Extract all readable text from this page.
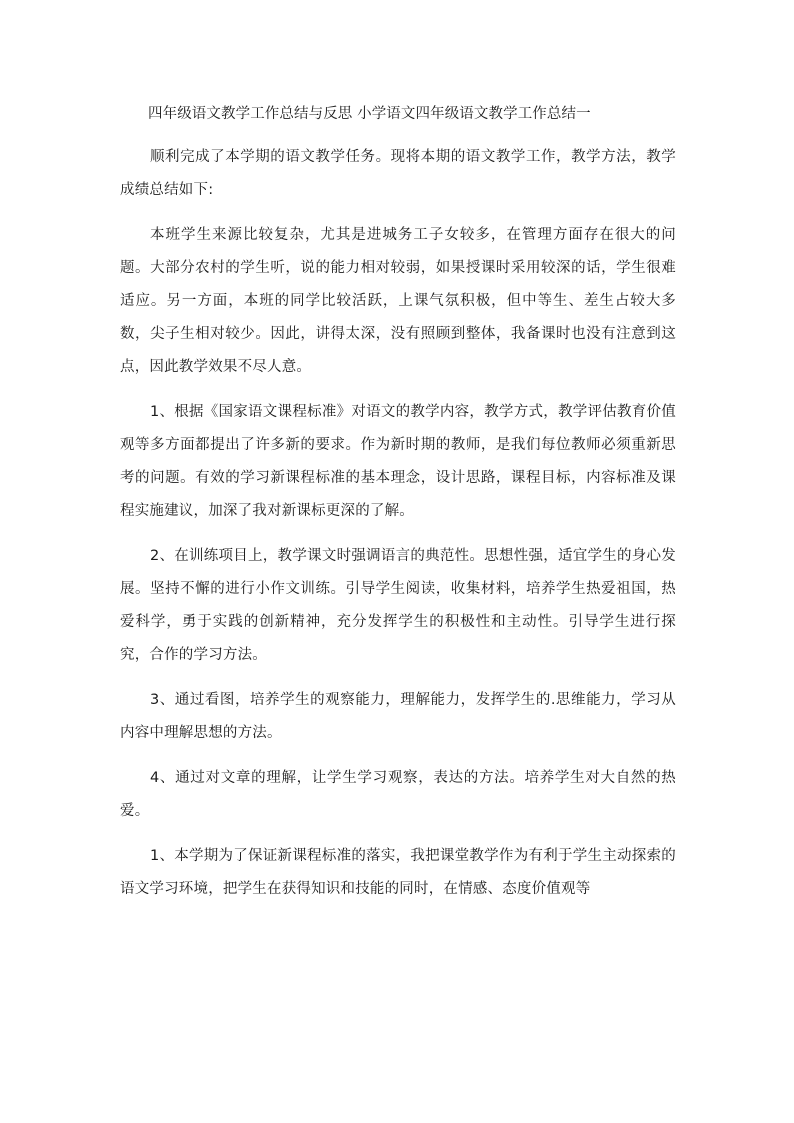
四年级语文教学工作总结与反思 小学语文四年级语文教学工作总结一

顺利完成了本学期的语文教学任务。现将本期的语文教学工作，教学方法，教学成绩总结如下:

本班学生来源比较复杂，尤其是进城务工子女较多，在管理方面存在很大的问题。大部分农村的学生听，说的能力相对较弱，如果授课时采用较深的话，学生很难适应。另一方面，本班的同学比较活跃，上课气氛积极，但中等生、差生占较大多数，尖子生相对较少。因此，讲得太深，没有照顾到整体，我备课时也没有注意到这点，因此教学效果不尽人意。

1、根据《国家语文课程标准》对语文的教学内容，教学方式，教学评估教育价值观等多方面都提出了许多新的要求。作为新时期的教师，是我们每位教师必须重新思考的问题。有效的学习新课程标准的基本理念，设计思路，课程目标，内容标准及课程实施建议，加深了我对新课标更深的了解。

2、在训练项目上，教学课文时强调语言的典范性。思想性强，适宜学生的身心发展。坚持不懈的进行小作文训练。引导学生阅读，收集材料，培养学生热爱祖国，热爱科学，勇于实践的创新精神，充分发挥学生的积极性和主动性。引导学生进行探究，合作的学习方法。

3、通过看图，培养学生的观察能力，理解能力，发挥学生的.思维能力，学习从内容中理解思想的方法。

4、通过对文章的理解，让学生学习观察，表达的方法。培养学生对大自然的热爱。

1、本学期为了保证新课程标准的落实，我把课堂教学作为有利于学生主动探索的语文学习环境，把学生在获得知识和技能的同时，在情感、态度价值观等
